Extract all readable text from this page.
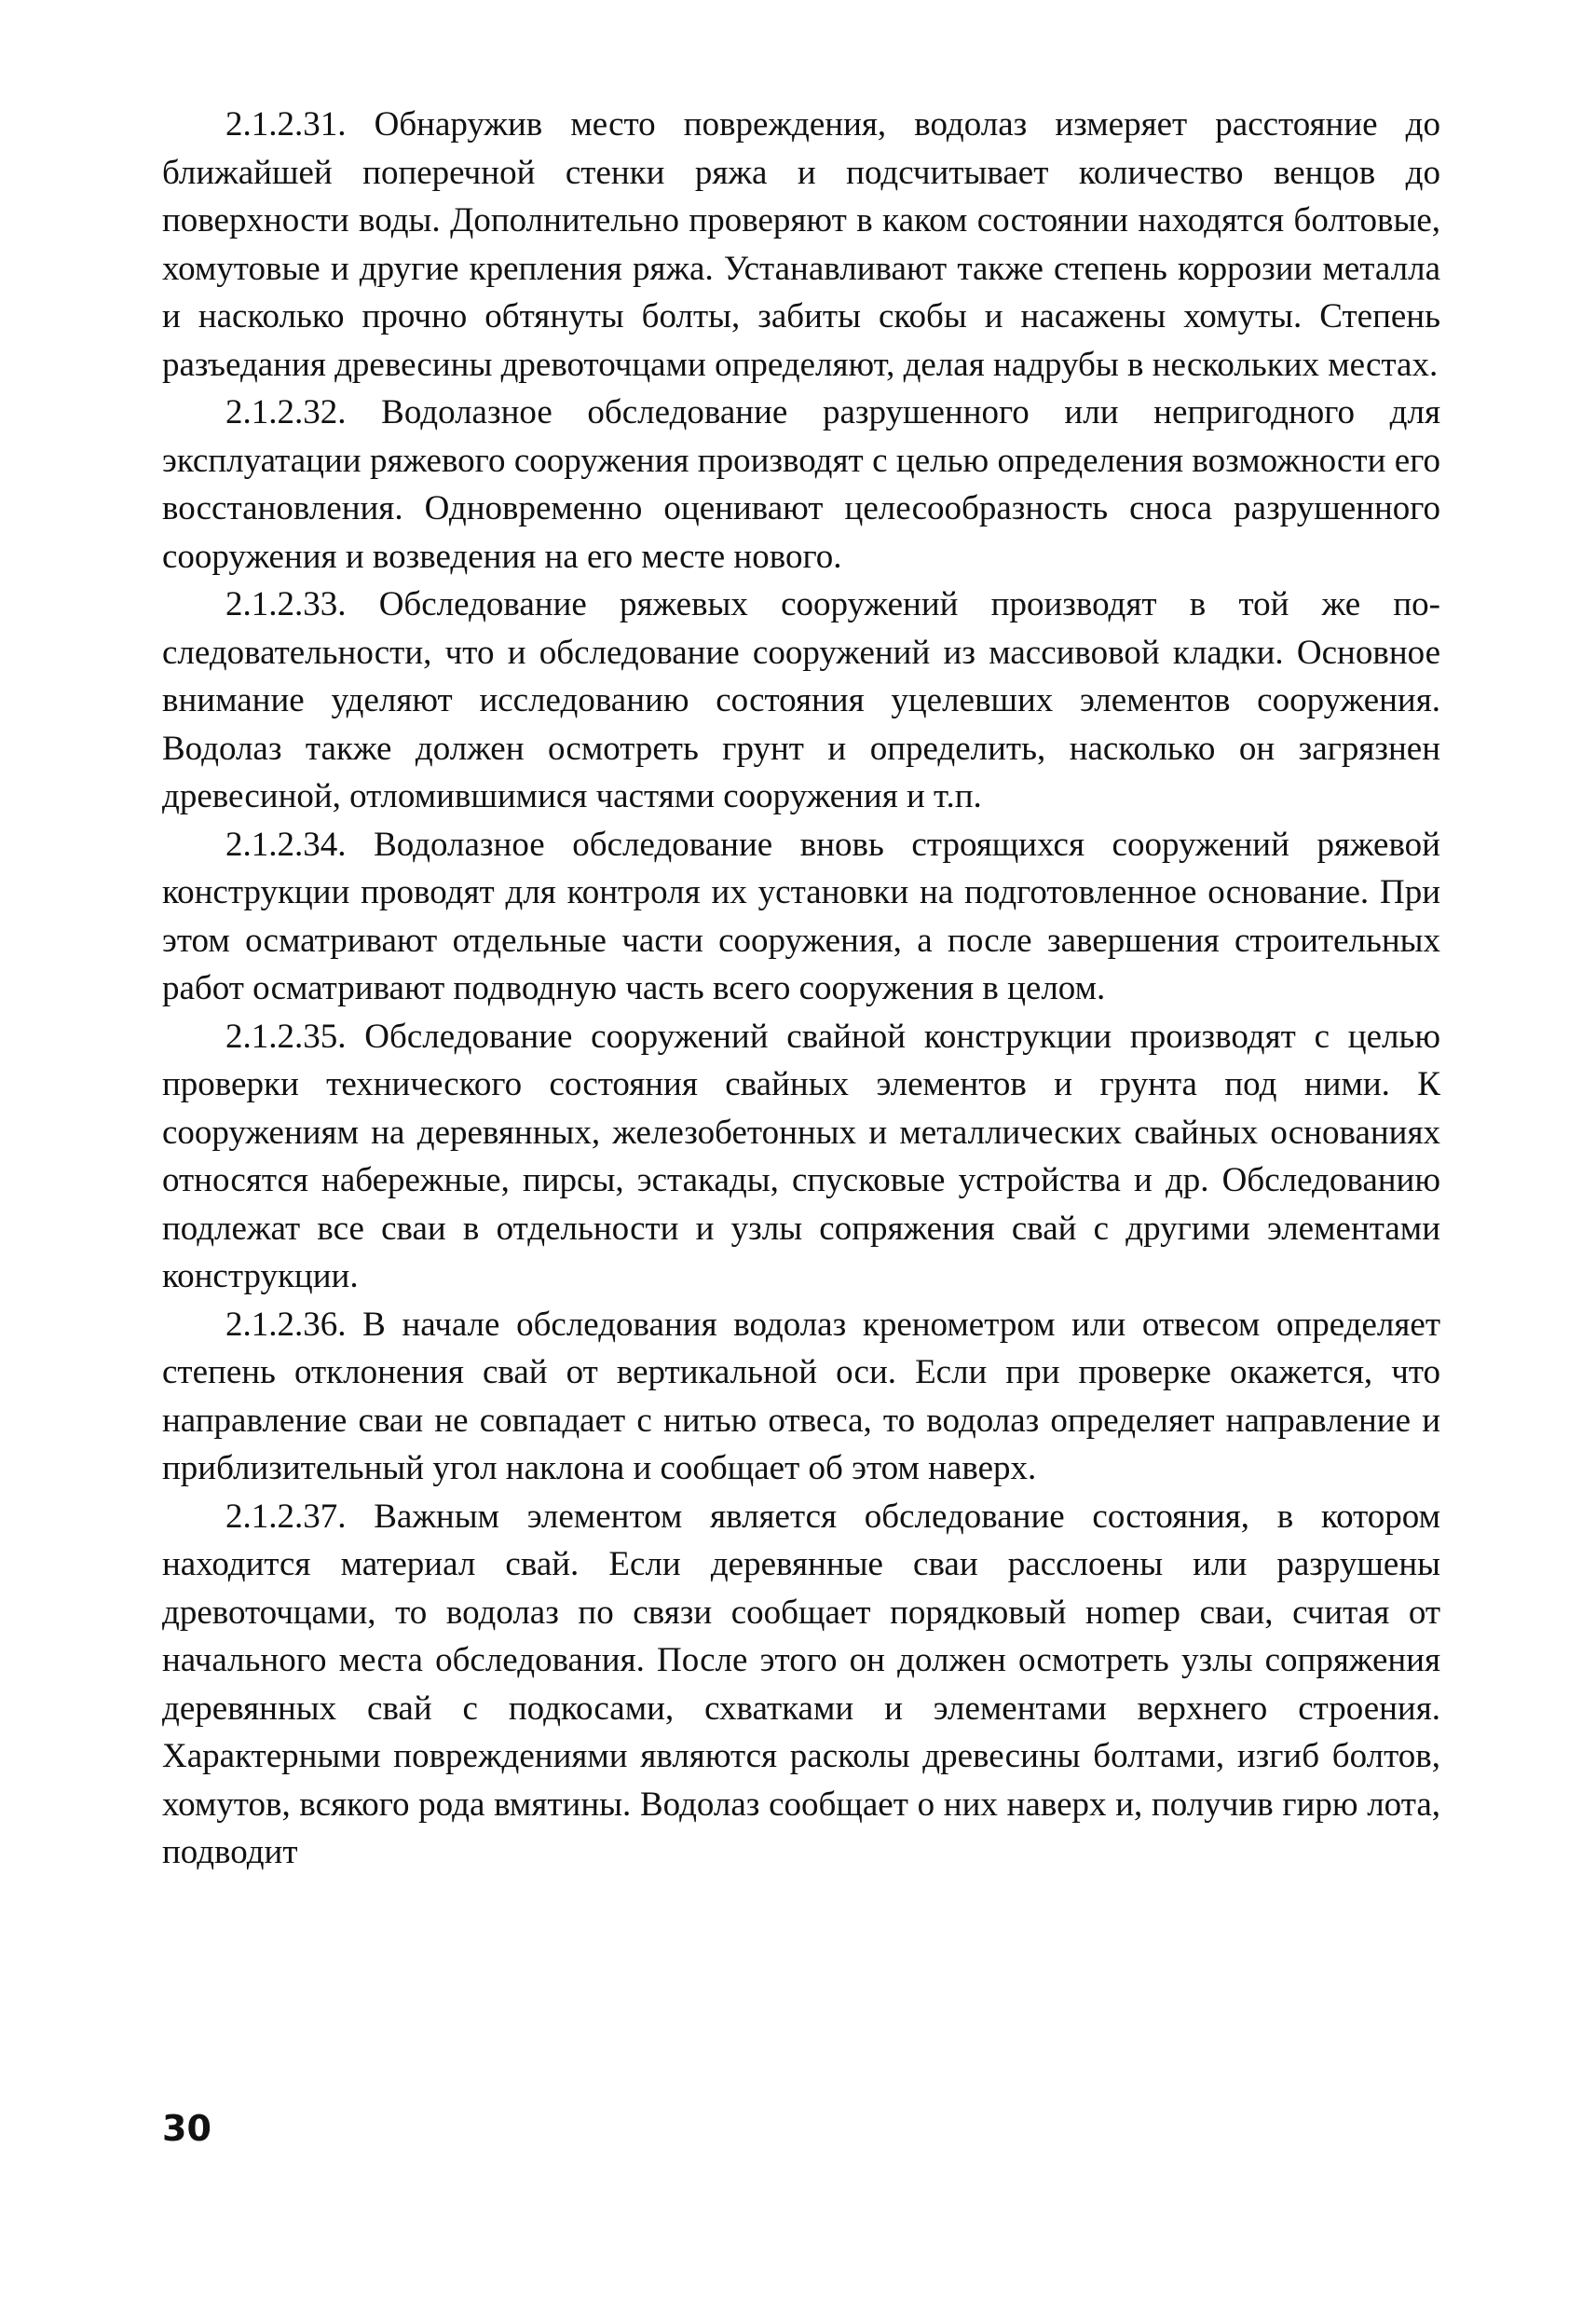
2.1.2.31. Обнаружив место повреждения, водолаз измеряет расстояние до ближайшей поперечной стенки ряжа и подсчитывает количество венцов до поверхности воды. Дополнительно проверяют в каком состоянии находятся болтовые, хомутовые и другие крепления ряжа. Устанавливают также степень коррозии металла и насколько прочно обтянуты болты, забиты скобы и насажены хомуты. Степень разъедания древесины древоточцами определяют, делая надрубы в нескольких местах.

2.1.2.32. Водолазное обследование разрушенного или непригодного для эксплуатации ряжевого сооружения производят с целью определения возможности его восстановления. Одновременно оценивают целесообразность сноса разрушенного сооружения и возведения на его месте нового.

2.1.2.33. Обследование ряжевых сооружений производят в той же последовательности, что и обследование сооружений из массивовой кладки. Основное внимание уделяют исследованию состояния уцелевших элементов сооружения. Водолаз также должен осмотреть грунт и определить, насколько он загрязнен древесиной, отломившимися частями сооружения и т.п.

2.1.2.34. Водолазное обследование вновь строящихся сооружений ряжевой конструкции проводят для контроля их установки на подготовленное основание. При этом осматривают отдельные части сооружения, а после завершения строительных работ осматривают подводную часть всего сооружения в целом.

2.1.2.35. Обследование сооружений свайной конструкции производят с целью проверки технического состояния свайных элементов и грунта под ними. К сооружениям на деревянных, железобетонных и металлических свайных основаниях относятся набережные, пирсы, эстакады, спусковые устройства и др. Обследованию подлежат все сваи в отдельности и узлы сопряжения свай с другими элементами конструкции.

2.1.2.36. В начале обследования водолаз кренометром или отвесом определяет степень отклонения свай от вертикальной оси. Если при проверке окажется, что направление сваи не совпадает с нитью отвеса, то водолаз определяет направление и приблизительный угол наклона и сообщает об этом наверх.

2.1.2.37. Важным элементом является обследование состояния, в котором находится материал свай. Если деревянные сваи расслоены или разрушены древоточцами, то водолаз по связи сообщает порядковый ноmер сваи, считая от начального места обследования. После этого он должен осмотреть узлы сопряжения деревянных свай с подкосами, схватками и элементами верхнего строения. Характерными повреждениями являются расколы древесины болтами, изгиб болтов, хомутов, всякого рода вмятины. Водолаз сообщает о них наверх и, получив гирю лота, подводит

30
